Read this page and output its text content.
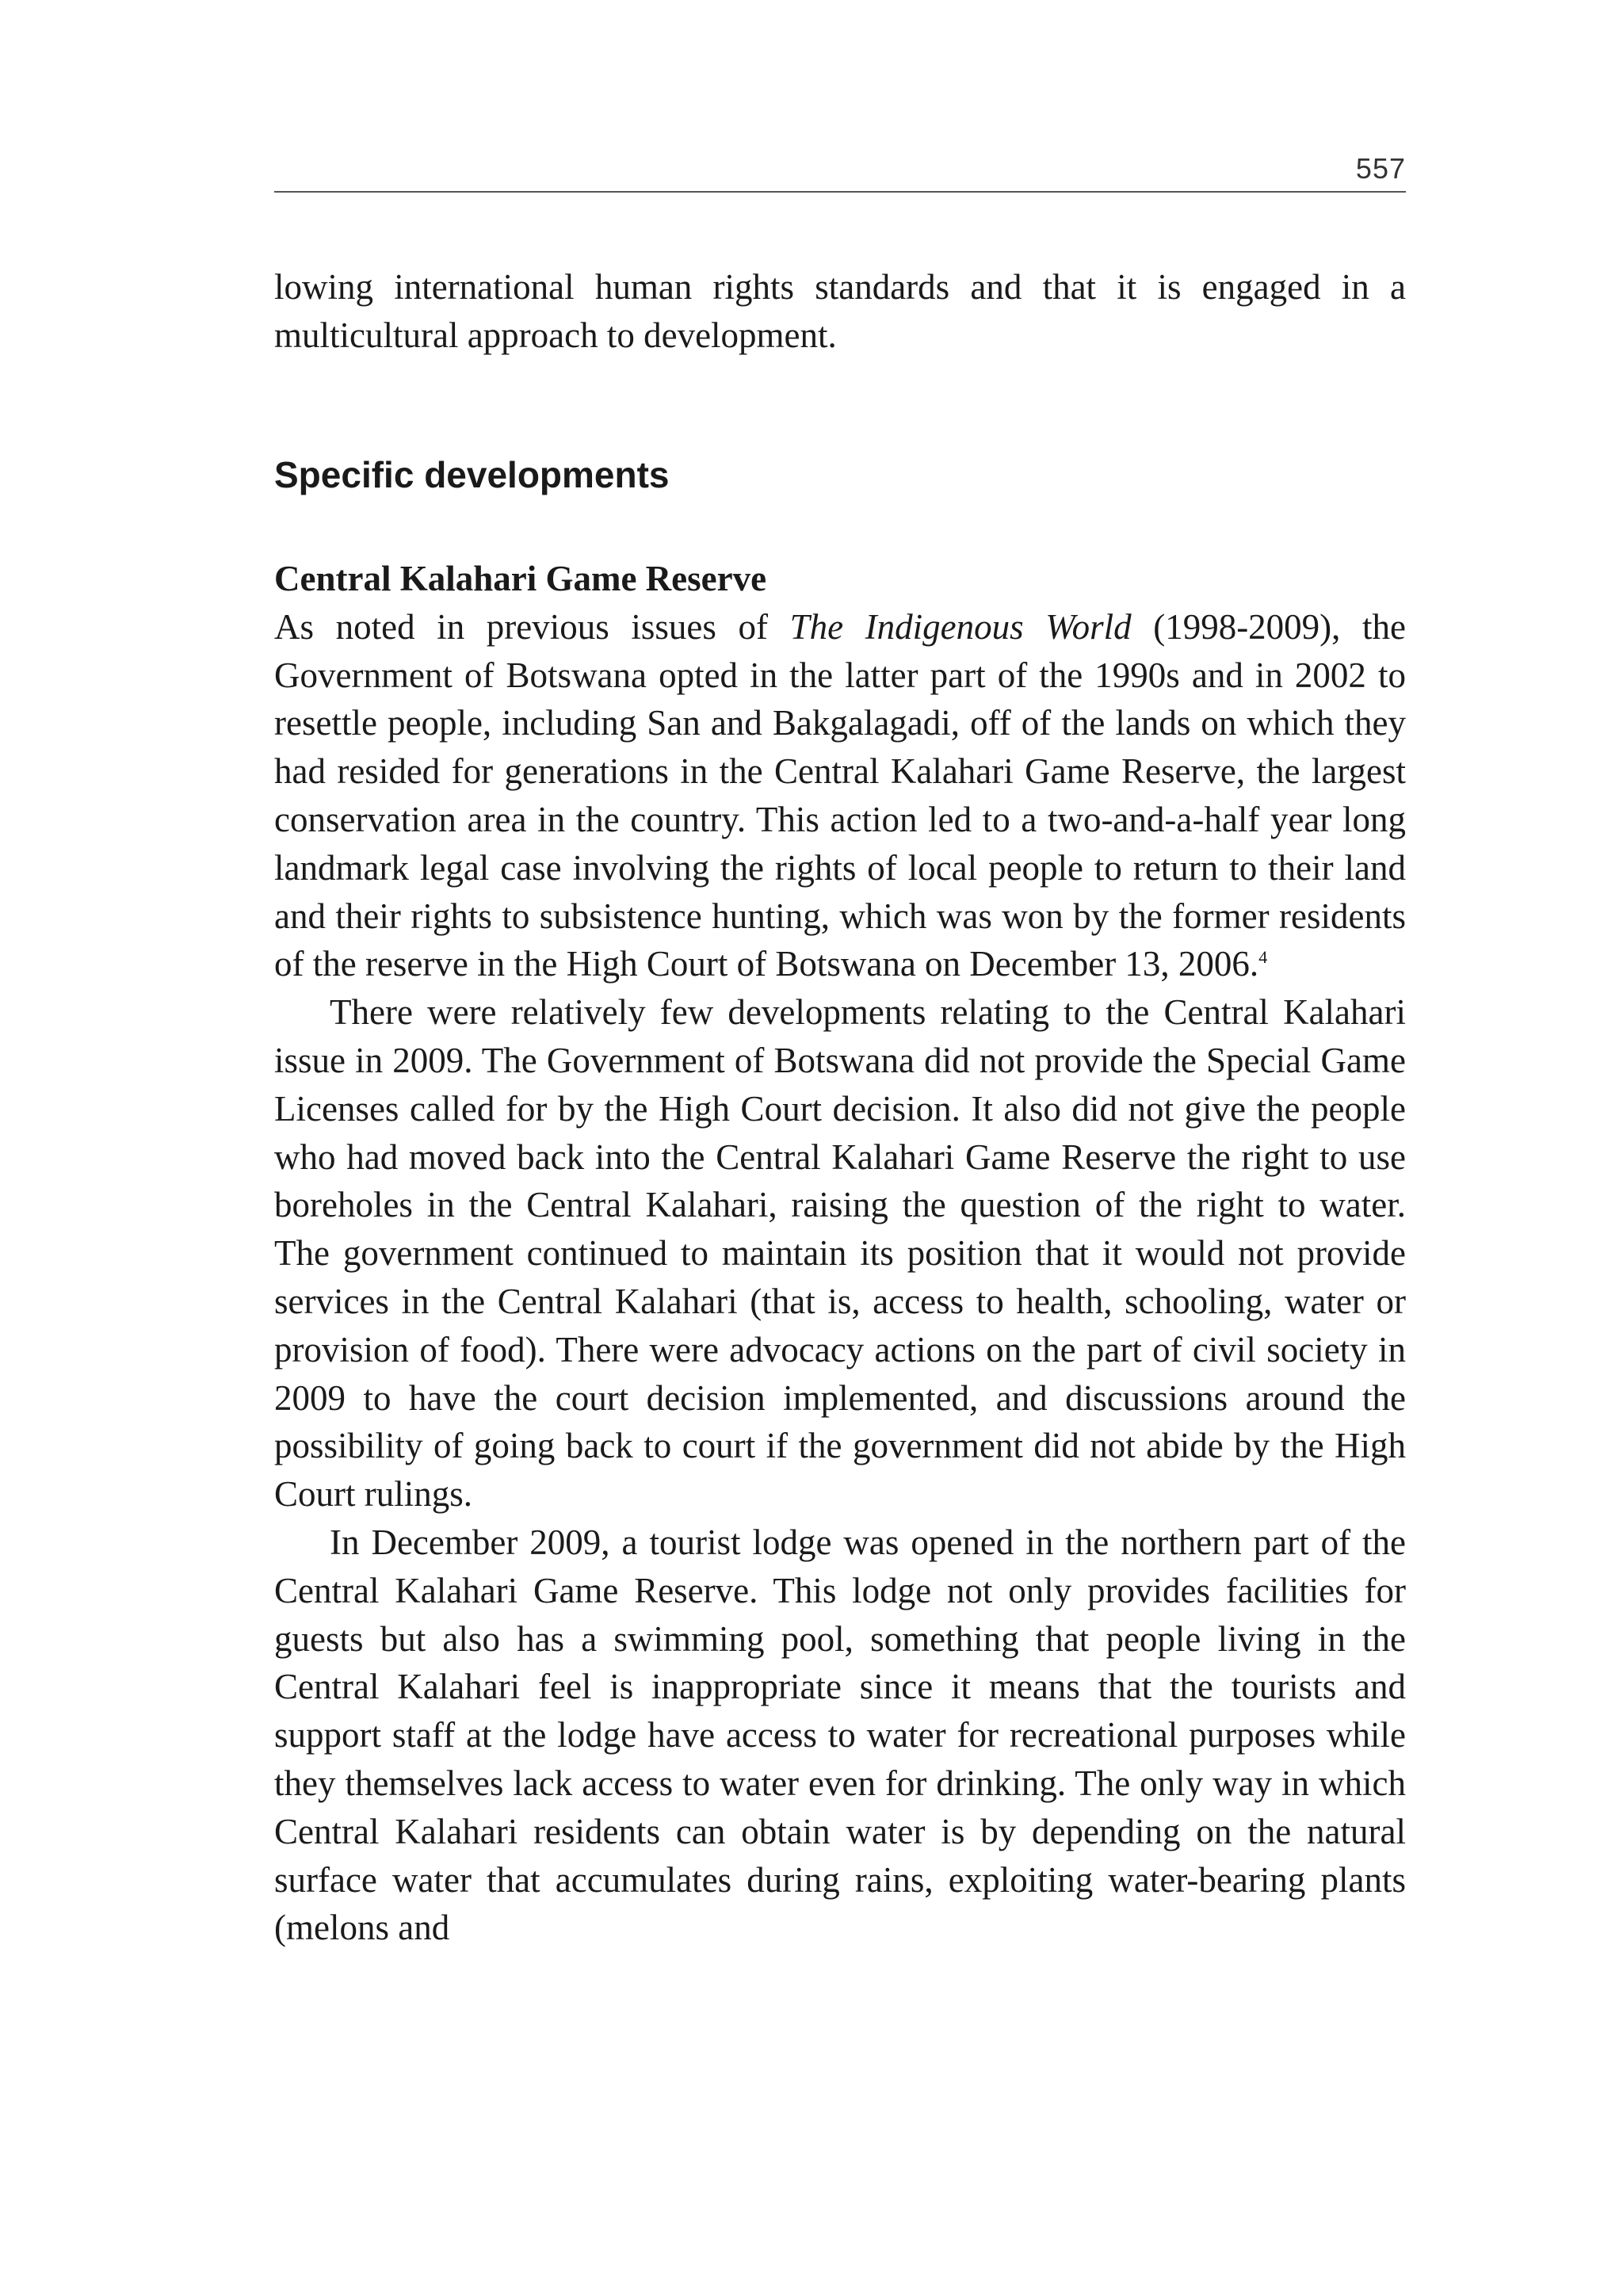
557

lowing international human rights standards and that it is engaged in a multicultural approach to development.

Specific developments

Central Kalahari Game Reserve

As noted in previous issues of The Indigenous World (1998-2009), the Government of Botswana opted in the latter part of the 1990s and in 2002 to resettle people, including San and Bakgalagadi, off of the lands on which they had resided for generations in the Central Kalahari Game Reserve, the largest conservation area in the country. This action led to a two-and-a-half year long landmark legal case involving the rights of local people to return to their land and their rights to subsistence hunting, which was won by the former residents of the reserve in the High Court of Botswana on December 13, 2006.$^4$

There were relatively few developments relating to the Central Kalahari issue in 2009. The Government of Botswana did not provide the Special Game Licenses called for by the High Court decision. It also did not give the people who had moved back into the Central Kalahari Game Reserve the right to use boreholes in the Central Kalahari, raising the question of the right to water. The government continued to maintain its position that it would not provide services in the Central Kalahari (that is, access to health, schooling, water or provision of food). There were advocacy actions on the part of civil society in 2009 to have the court decision implemented, and discussions around the possibility of going back to court if the government did not abide by the High Court rulings.

In December 2009, a tourist lodge was opened in the northern part of the Central Kalahari Game Reserve. This lodge not only provides facilities for guests but also has a swimming pool, something that people living in the Central Kalahari feel is inappropriate since it means that the tourists and support staff at the lodge have access to water for recreational purposes while they themselves lack access to water even for drinking. The only way in which Central Kalahari residents can obtain water is by depending on the natural surface water that accumulates during rains, exploiting water-bearing plants (melons and
